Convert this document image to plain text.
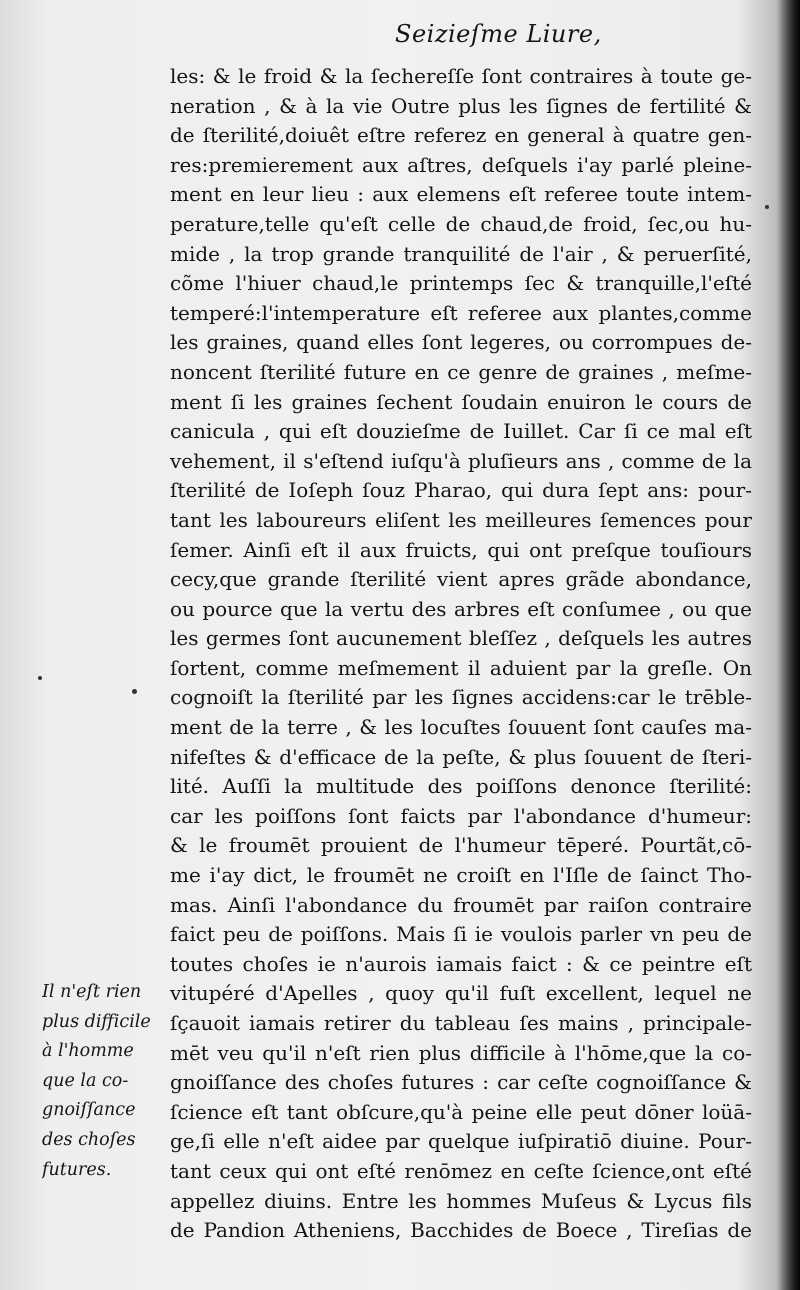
Seizieſme Liure,
les: & le froid & la ſechereſſe ſont contraires à toute ge-
neration , & à la vie Outre plus les ſignes de fertilité &
de ſterilité,doiuêt eſtre referez en general à quatre gen-
res:premierement aux aſtres, deſquels i'ay parlé pleine-
ment en leur lieu : aux elemens eſt referee toute intem-
perature,telle qu'eſt celle de chaud,de froid, ſec,ou hu-
mide , la trop grande tranquilité de l'air , & peruerſité,
cõme l'hiuer chaud,le printemps ſec & tranquille,l'eſté
temperé:l'intemperature eſt referee aux plantes,comme
les graines, quand elles ſont legeres, ou corrompues de-
noncent ſterilité future en ce genre de graines , meſme-
ment ſi les graines ſechent ſoudain enuiron le cours de
canicula , qui eſt douzieſme de Iuillet. Car ſi ce mal eſt
vehement, il s'eſtend iuſqu'à pluſieurs ans , comme de la
ſterilité de Ioſeph ſouz Pharao, qui dura ſept ans: pour-
tant les laboureurs eliſent les meilleures ſemences pour
ſemer. Ainſi eſt il aux fruicts, qui ont preſque touſiours
cecy,que grande ſterilité vient apres grãde abondance,
ou pource que la vertu des arbres eſt conſumee , ou que
les germes ſont aucunement bleſſez , deſquels les autres
ſortent, comme meſmement il aduient par la greſle. On
cognoiſt la ſterilité par les ſignes accidens:car le trēble-
ment de la terre , & les locuſtes ſouuent ſont cauſes ma-
nifeſtes & d'efficace de la peſte, & plus ſouuent de ſteri-
lité. Auſſi la multitude des poiſſons denonce ſterilité:
car les poiſſons ſont faicts par l'abondance d'humeur:
& le froumēt prouient de l'humeur tēperé. Pourtãt,cō-
me i'ay dict, le froumēt ne croiſt en l'Iſle de ſainct Tho-
mas. Ainſi l'abondance du froumēt par raiſon contraire
faict peu de poiſſons. Mais ſi ie voulois parler vn peu de
toutes choſes ie n'aurois iamais faict : & ce peintre eſt
vitupéré d'Apelles , quoy qu'il fuſt excellent, lequel ne
ſçauoit iamais retirer du tableau ſes mains , principale-
mēt veu qu'il n'eſt rien plus difficile à l'hōme,que la co-
gnoiſſance des choſes futures : car ceſte cognoiſſance &
ſcience eſt tant obſcure,qu'à peine elle peut dōner loüā-
ge,ſi elle n'eſt aidee par quelque iuſpiratiō diuine. Pour-
tant ceux qui ont eſté renōmez en ceſte ſcience,ont eſté
appellez diuins. Entre les hommes Muſeus & Lycus fils
de Pandion Atheniens, Bacchides de Boece , Tireſias de
Il n'eſt rien
plus difficile
à l'homme
que la co-
gnoiſſance
des choſes
futures.
